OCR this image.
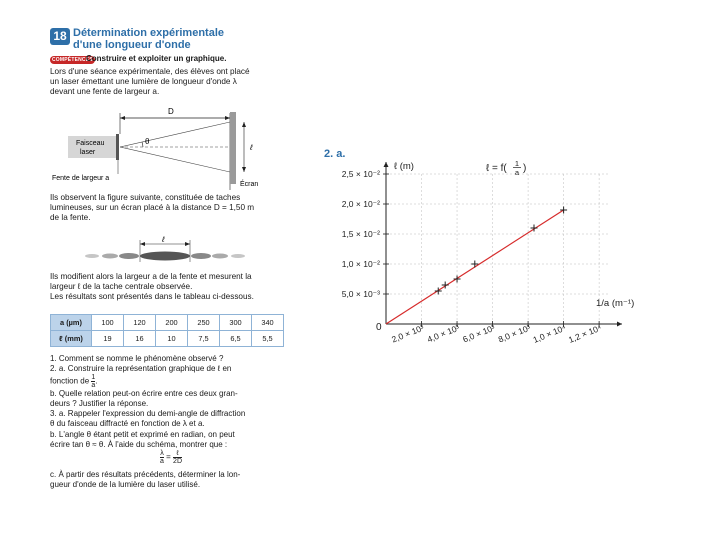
18 Détermination expérimentale
d'une longueur d'onde
COMPÉTENCES
Construire et exploiter un graphique.
Lors d'une séance expérimentale, des élèves ont placé
un laser émettant une lumière de longueur d'onde λ
devant une fente de largeur a.
D
Faisceau
laser
θ
ℓ
Fente de largeur a
Écran
Ils observent la figure suivante, constituée de taches
lumineuses, sur un écran placé à la distance D = 1,50 m
de la fente.
ℓ
Ils modifient alors la largeur a de la fente et mesurent la
largeur ℓ de la tache centrale observée.
Les résultats sont présentés dans le tableau ci-dessous.
a (µm)	100	120	200	250	300	340
ℓ (mm)	19	16	10	7,5	6,5	5,5
1. Comment se nomme le phénomène observé ?
2. a. Construire la représentation graphique de ℓ en
fonction de $\frac{1}{a}$ .
b. Quelle relation peut-on écrire entre ces deux gran-
deurs ? Justifier la réponse.
3. a. Rappeler l'expression du demi-angle de diffraction
θ du faisceau diffracté en fonction de λ et a.
b. L'angle θ étant petit et exprimé en radian, on peut
écrire tan θ ≈ θ. À l'aide du schéma, montrer que :
$\frac{\lambda}{a} = \frac{\text{ℓ}}{2D}$
c. À partir des résultats précédents, déterminer la lon-
gueur d'onde de la lumière du laser utilisé.
2. a.
5,0 × 10⁻³
1,0 × 10⁻²
1,5 × 10⁻²
2,0 × 10⁻²
2,5 × 10⁻²
2,0 × 10³ 4,0 × 10³ 6,0 × 10³ 8,0 × 10³ 1,0 × 10⁴ 1,2 × 10⁴
0
ℓ (m)
1/a (m⁻¹)
ℓ = f( 1
a )
